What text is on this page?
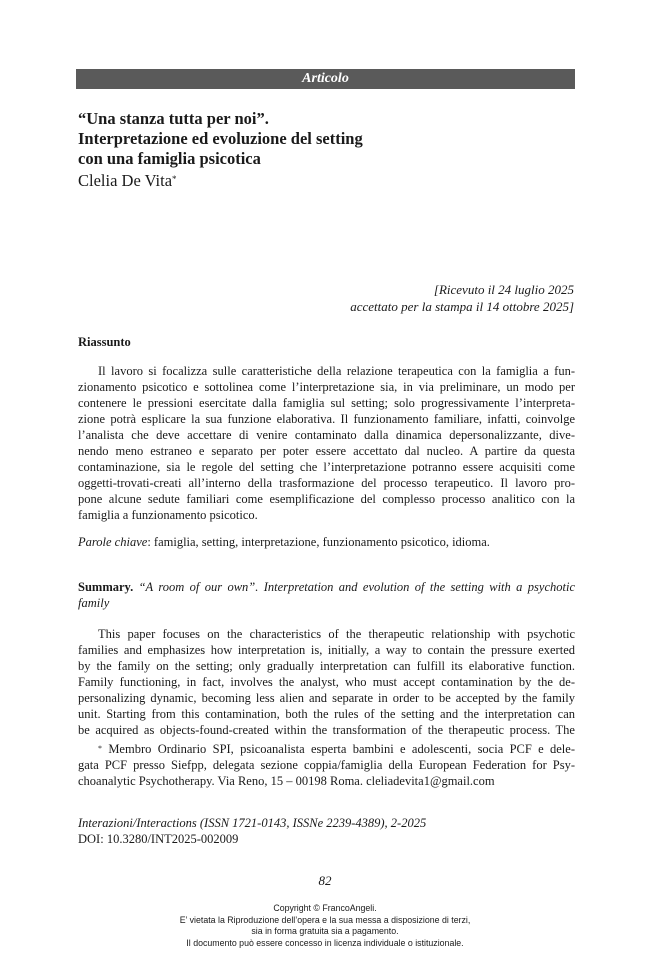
Articolo
“Una stanza tutta per noi”.
Interpretazione ed evoluzione del setting
con una famiglia psicotica
Clelia De Vita*
[Ricevuto il 24 luglio 2025
accettato per la stampa il 14 ottobre 2025]
Riassunto
Il lavoro si focalizza sulle caratteristiche della relazione terapeutica con la famiglia a fun-
zionamento psicotico e sottolinea come l’interpretazione sia, in via preliminare, un modo per
contenere le pressioni esercitate dalla famiglia sul setting; solo progressivamente l’interpreta-
zione potrà esplicare la sua funzione elaborativa. Il funzionamento familiare, infatti, coinvolge
l’analista che deve accettare di venire contaminato dalla dinamica depersonalizzante, dive-
nendo meno estraneo e separato per poter essere accettato dal nucleo. A partire da questa
contaminazione, sia le regole del setting che l’interpretazione potranno essere acquisiti come
oggetti-trovati-creati all’interno della trasformazione del processo terapeutico. Il lavoro pro-
pone alcune sedute familiari come esemplificazione del complesso processo analitico con la
famiglia a funzionamento psicotico.
Parole chiave: famiglia, setting, interpretazione, funzionamento psicotico, idioma.
Summary. “A room of our own”. Interpretation and evolution of the setting with a psychotic
family
This paper focuses on the characteristics of the therapeutic relationship with psychotic
families and emphasizes how interpretation is, initially, a way to contain the pressure exerted
by the family on the setting; only gradually interpretation can fulfill its elaborative function.
Family functioning, in fact, involves the analyst, who must accept contamination by the de-
personalizing dynamic, becoming less alien and separate in order to be accepted by the family
unit. Starting from this contamination, both the rules of the setting and the interpretation can
be acquired as objects-found-created within the transformation of the therapeutic process. The
* Membro Ordinario SPI, psicoanalista esperta bambini e adolescenti, socia PCF e dele-
gata PCF presso Siefpp, delegata sezione coppia/famiglia della European Federation for Psy-
choanalytic Psychotherapy. Via Reno, 15 – 00198 Roma. cleliadevita1@gmail.com
Interazioni/Interactions (ISSN 1721-0143, ISSNe 2239-4389), 2-2025
DOI: 10.3280/INT2025-002009
82
Copyright © FrancoAngeli.
E’ vietata la Riproduzione dell’opera e la sua messa a disposizione di terzi,
sia in forma gratuita sia a pagamento.
Il documento può essere concesso in licenza individuale o istituzionale.
